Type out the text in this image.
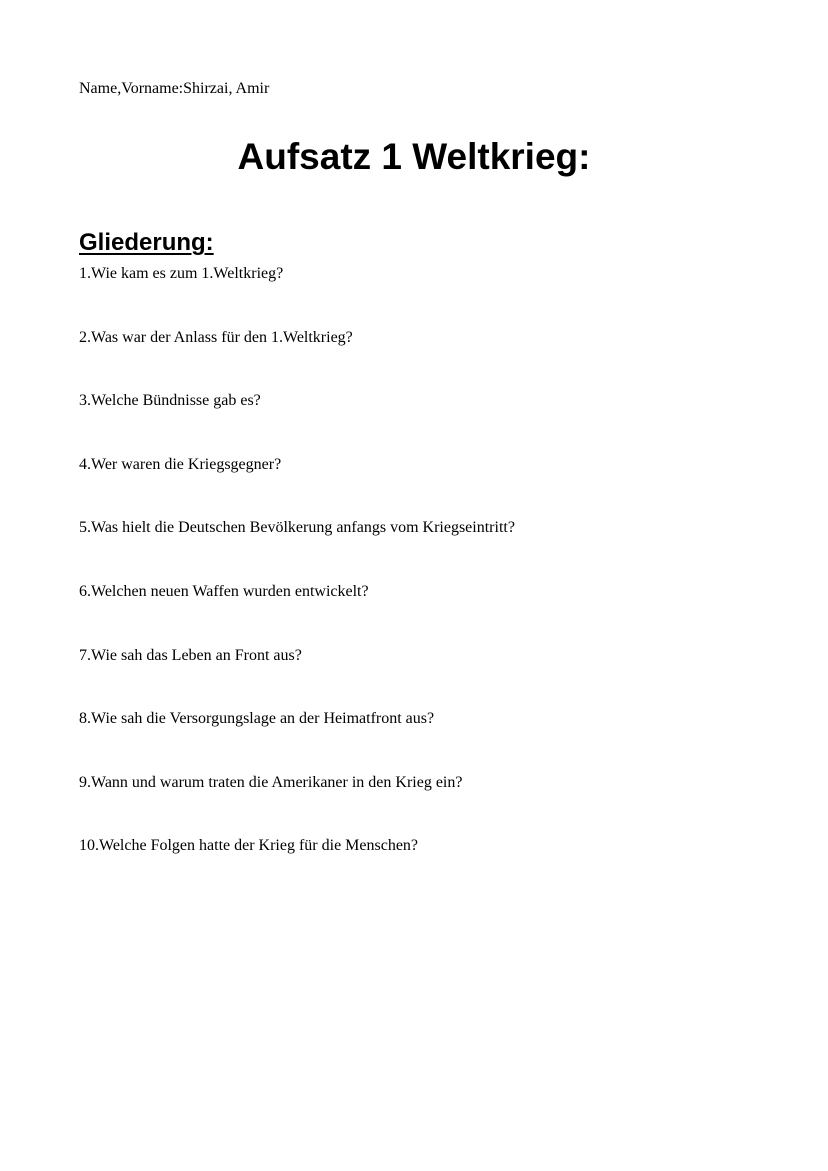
Name,Vorname:Shirzai, Amir
Aufsatz 1 Weltkrieg:
Gliederung:
1.Wie kam es zum 1.Weltkrieg?
2.Was war der Anlass für den 1.Weltkrieg?
3.Welche Bündnisse gab es?
4.Wer waren die Kriegsgegner?
5.Was hielt die Deutschen Bevölkerung anfangs vom Kriegseintritt?
6.Welchen neuen Waffen wurden entwickelt?
7.Wie sah das Leben an Front aus?
8.Wie sah die Versorgungslage an der Heimatfront aus?
9.Wann und warum traten die Amerikaner in den Krieg ein?
10.Welche Folgen hatte der Krieg für die Menschen?
